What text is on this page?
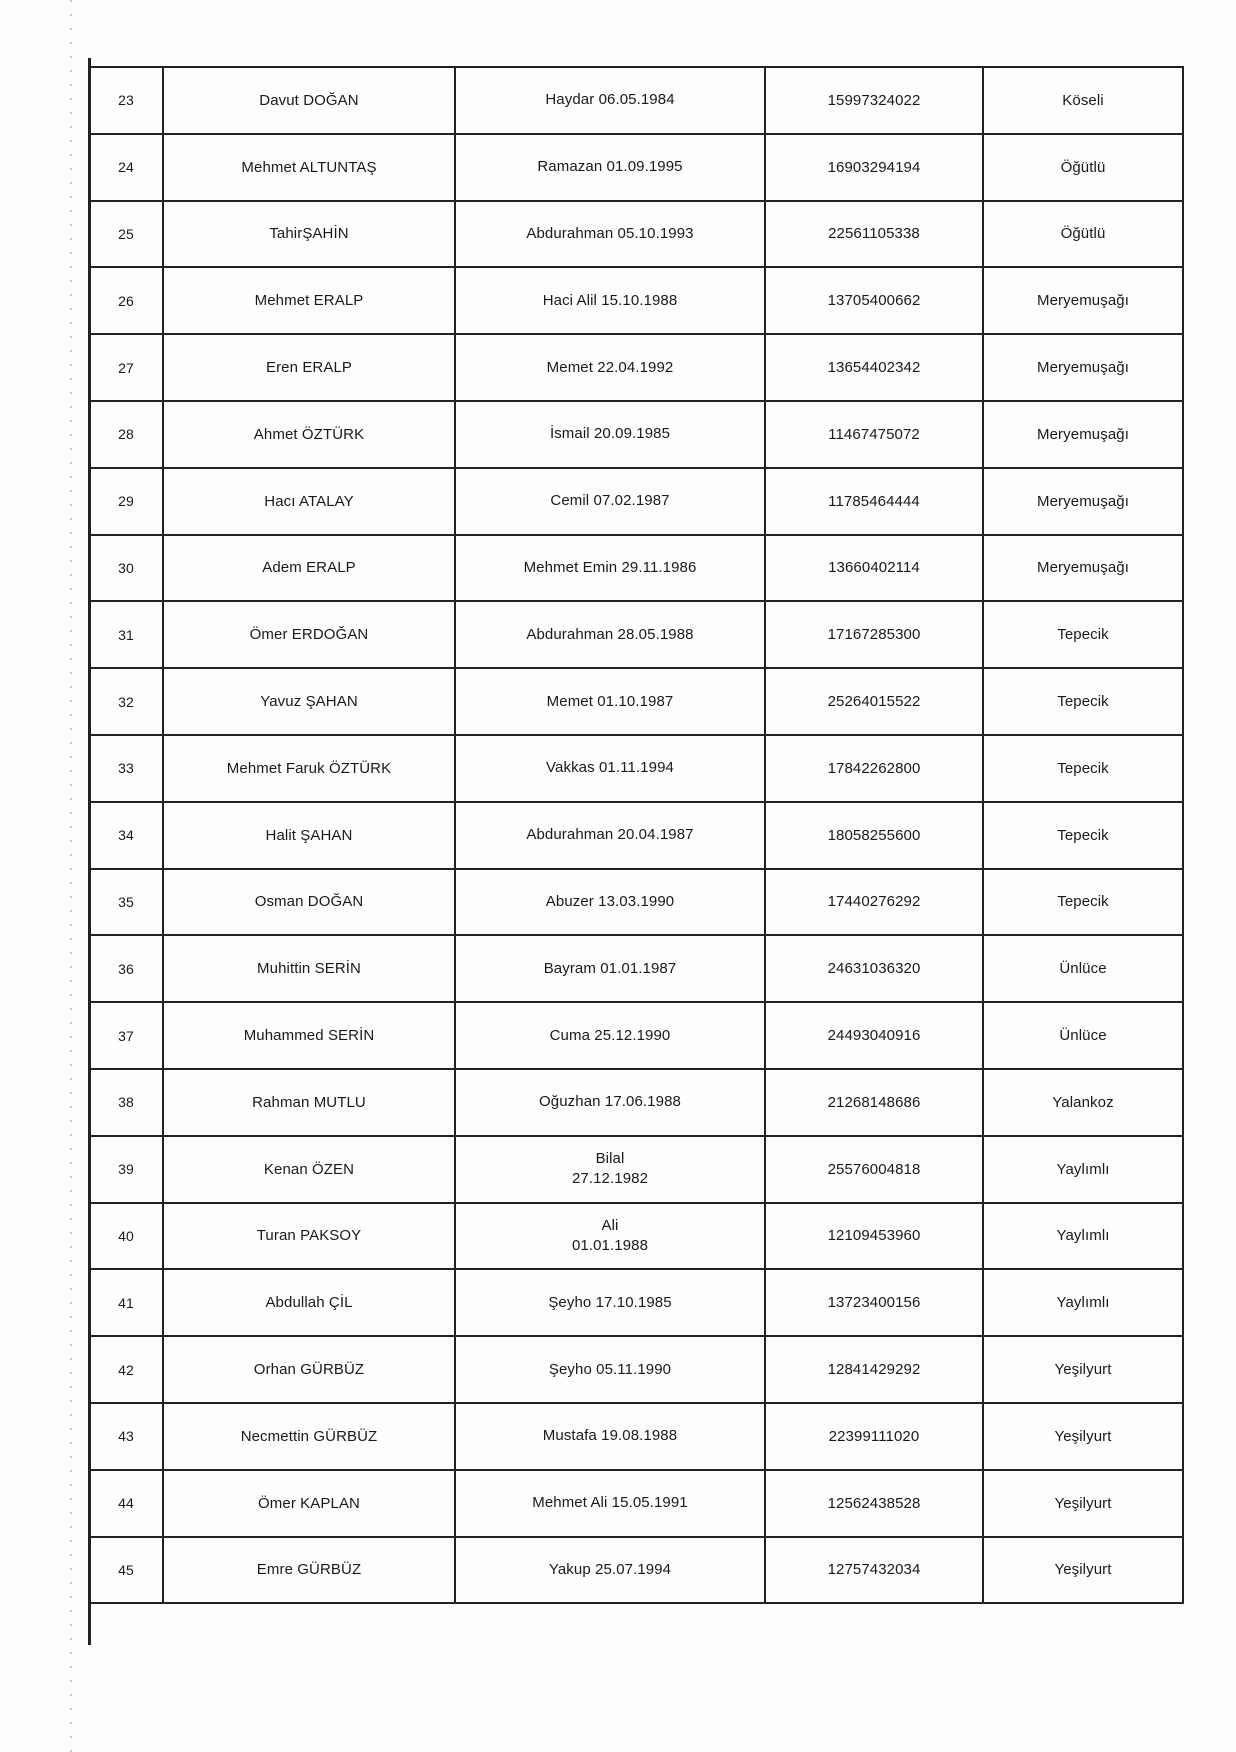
23	Davut DOĞAN	Haydar 06.05.1984	15997324022	Köseli
24	Mehmet ALTUNTAŞ	Ramazan 01.09.1995	16903294194	Öğütlü
25	TahirŞAHİN	Abdurahman 05.10.1993	22561105338	Öğütlü
26	Mehmet ERALP	Haci Alil 15.10.1988	13705400662	Meryemuşağı
27	Eren ERALP	Memet 22.04.1992	13654402342	Meryemuşağı
28	Ahmet ÖZTÜRK	İsmail 20.09.1985	11467475072	Meryemuşağı
29	Hacı ATALAY	Cemil 07.02.1987	11785464444	Meryemuşağı
30	Adem ERALP	Mehmet Emin 29.11.1986	13660402114	Meryemuşağı
31	Ömer ERDOĞAN	Abdurahman 28.05.1988	17167285300	Tepecik
32	Yavuz ŞAHAN	Memet 01.10.1987	25264015522	Tepecik
33	Mehmet Faruk ÖZTÜRK	Vakkas 01.11.1994	17842262800	Tepecik
34	Halit ŞAHAN	Abdurahman 20.04.1987	18058255600	Tepecik
35	Osman DOĞAN	Abuzer 13.03.1990	17440276292	Tepecik
36	Muhittin SERİN	Bayram 01.01.1987	24631036320	Ünlüce
37	Muhammed SERİN	Cuma 25.12.1990	24493040916	Ünlüce
38	Rahman MUTLU	Oğuzhan 17.06.1988	21268148686	Yalankoz
39	Kenan ÖZEN	Bilal
27.12.1982	25576004818	Yaylımlı
40	Turan PAKSOY	Ali
01.01.1988	12109453960	Yaylımlı
41	Abdullah ÇİL	Şeyho 17.10.1985	13723400156	Yaylımlı
42	Orhan GÜRBÜZ	Şeyho 05.11.1990	12841429292	Yeşilyurt
43	Necmettin GÜRBÜZ	Mustafa 19.08.1988	22399111020	Yeşilyurt
44	Ömer KAPLAN	Mehmet Ali 15.05.1991	12562438528	Yeşilyurt
45	Emre GÜRBÜZ	Yakup 25.07.1994	12757432034	Yeşilyurt
